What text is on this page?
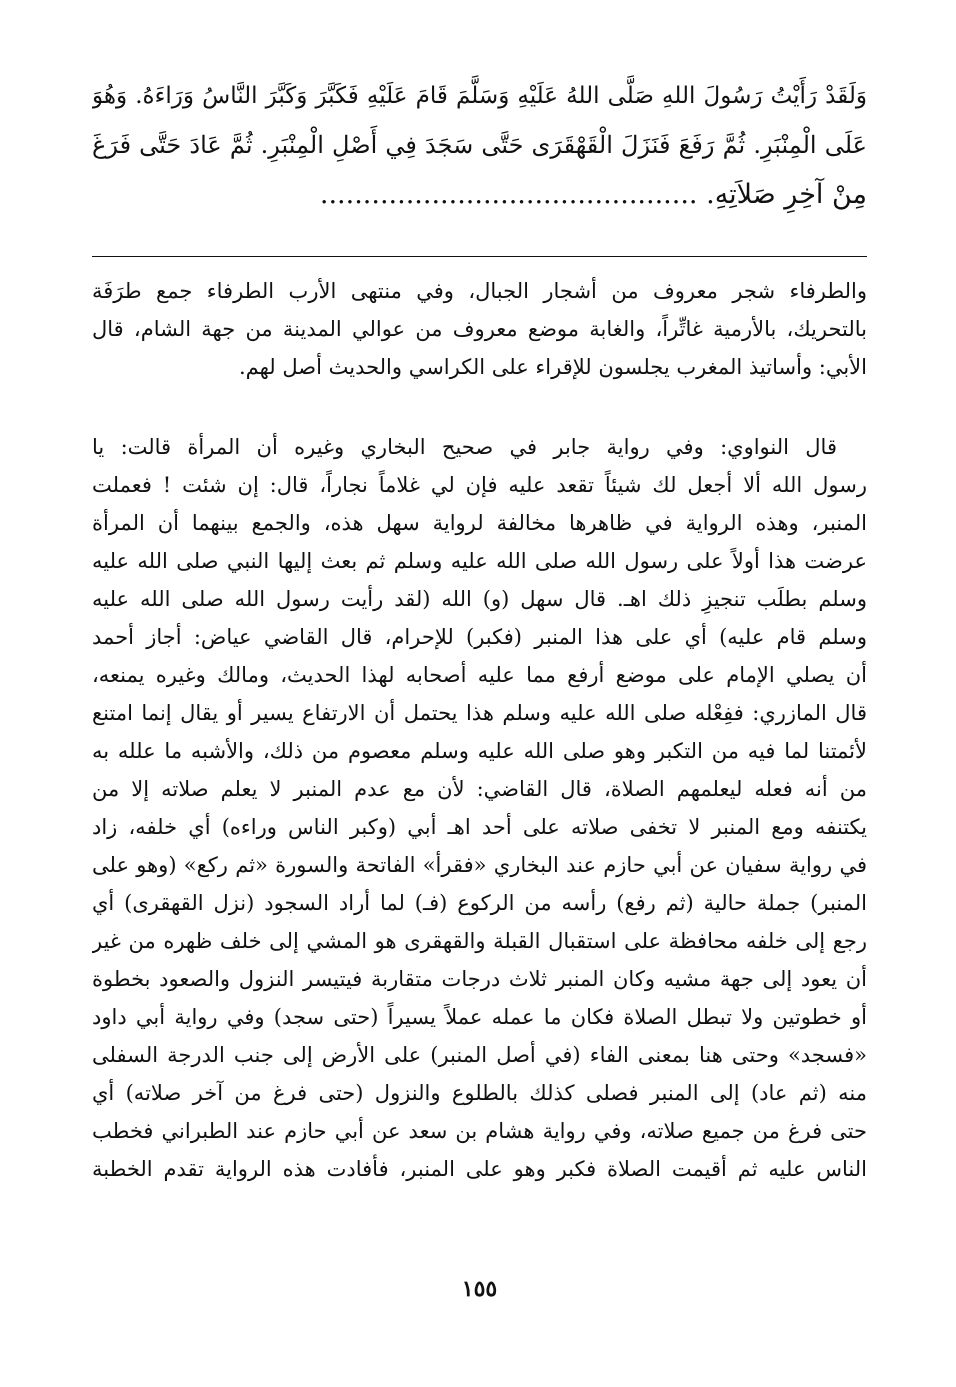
وَلَقَدْ رَأَيْتُ رَسُولَ اللهِ صَلَّى اللهُ عَلَيْهِ وَسَلَّمَ قَامَ عَلَيْهِ فَكَبَّرَ وَكَبَّرَ النَّاسُ وَرَاءَهُ. وَهُوَ
عَلَى الْمِنْبَرِ. ثُمَّ رَفَعَ فَنَزَلَ الْقَهْقَرَى حَتَّى سَجَدَ فِي أَصْلِ الْمِنْبَرِ. ثُمَّ عَادَ حَتَّى فَرَغَ
مِنْ آخِرِ صَلاَتِهِ. ............................................
والطرفاء شجر معروف من أشجار الجبال، وفي منتهى الأرب الطرفاء جمع طرَفَة
بالتحريك، بالأرمية غاتِّراً، والغابة موضع معروف من عوالي المدينة من جهة الشام، قال
الأبي: وأساتيذ المغرب يجلسون للإقراء على الكراسي والحديث أصل لهم.
قال النواوي: وفي رواية جابر في صحيح البخاري وغيره أن المرأة قالت: يا
رسول الله ألا أجعل لك شيئاً تقعد عليه فإن لي غلاماً نجاراً، قال: إن شئت ! فعملت
المنبر، وهذه الرواية في ظاهرها مخالفة لرواية سهل هذه، والجمع بينهما أن المرأة
عرضت هذا أولاً على رسول الله صلى الله عليه وسلم ثم بعث إليها النبي صلى الله عليه
وسلم بطلَب تنجيزِ ذلك اهـ. قال سهل (و) الله (لقد رأيت رسول الله صلى الله عليه
وسلم قام عليه) أي على هذا المنبر (فكبر) للإحرام، قال القاضي عياض: أجاز أحمد
أن يصلي الإمام على موضع أرفع مما عليه أصحابه لهذا الحديث، ومالك وغيره يمنعه،
قال المازري: ففِعْله صلى الله عليه وسلم هذا يحتمل أن الارتفاع يسير أو يقال إنما امتنع
لأئمتنا لما فيه من التكبر وهو صلى الله عليه وسلم معصوم من ذلك، والأشبه ما علله به
من أنه فعله ليعلمهم الصلاة، قال القاضي: لأن مع عدم المنبر لا يعلم صلاته إلا من
يكتنفه ومع المنبر لا تخفى صلاته على أحد اهـ أبي (وكبر الناس وراءه) أي خلفه، زاد
في رواية سفيان عن أبي حازم عند البخاري «فقرأ» الفاتحة والسورة «ثم ركع» (وهو على
المنبر) جملة حالية (ثم رفع) رأسه من الركوع (فـ) لما أراد السجود (نزل القهقرى) أي
رجع إلى خلفه محافظة على استقبال القبلة والقهقرى هو المشي إلى خلف ظهره من غير
أن يعود إلى جهة مشيه وكان المنبر ثلاث درجات متقاربة فيتيسر النزول والصعود بخطوة
أو خطوتين ولا تبطل الصلاة فكان ما عمله عملاً يسيراً (حتى سجد) وفي رواية أبي داود
«فسجد» وحتى هنا بمعنى الفاء (في أصل المنبر) على الأرض إلى جنب الدرجة السفلى
منه (ثم عاد) إلى المنبر فصلى كذلك بالطلوع والنزول (حتى فرغ من آخر صلاته) أي
حتى فرغ من جميع صلاته، وفي رواية هشام بن سعد عن أبي حازم عند الطبراني فخطب
الناس عليه ثم أقيمت الصلاة فكبر وهو على المنبر، فأفادت هذه الرواية تقدم الخطبة
١٥٥
